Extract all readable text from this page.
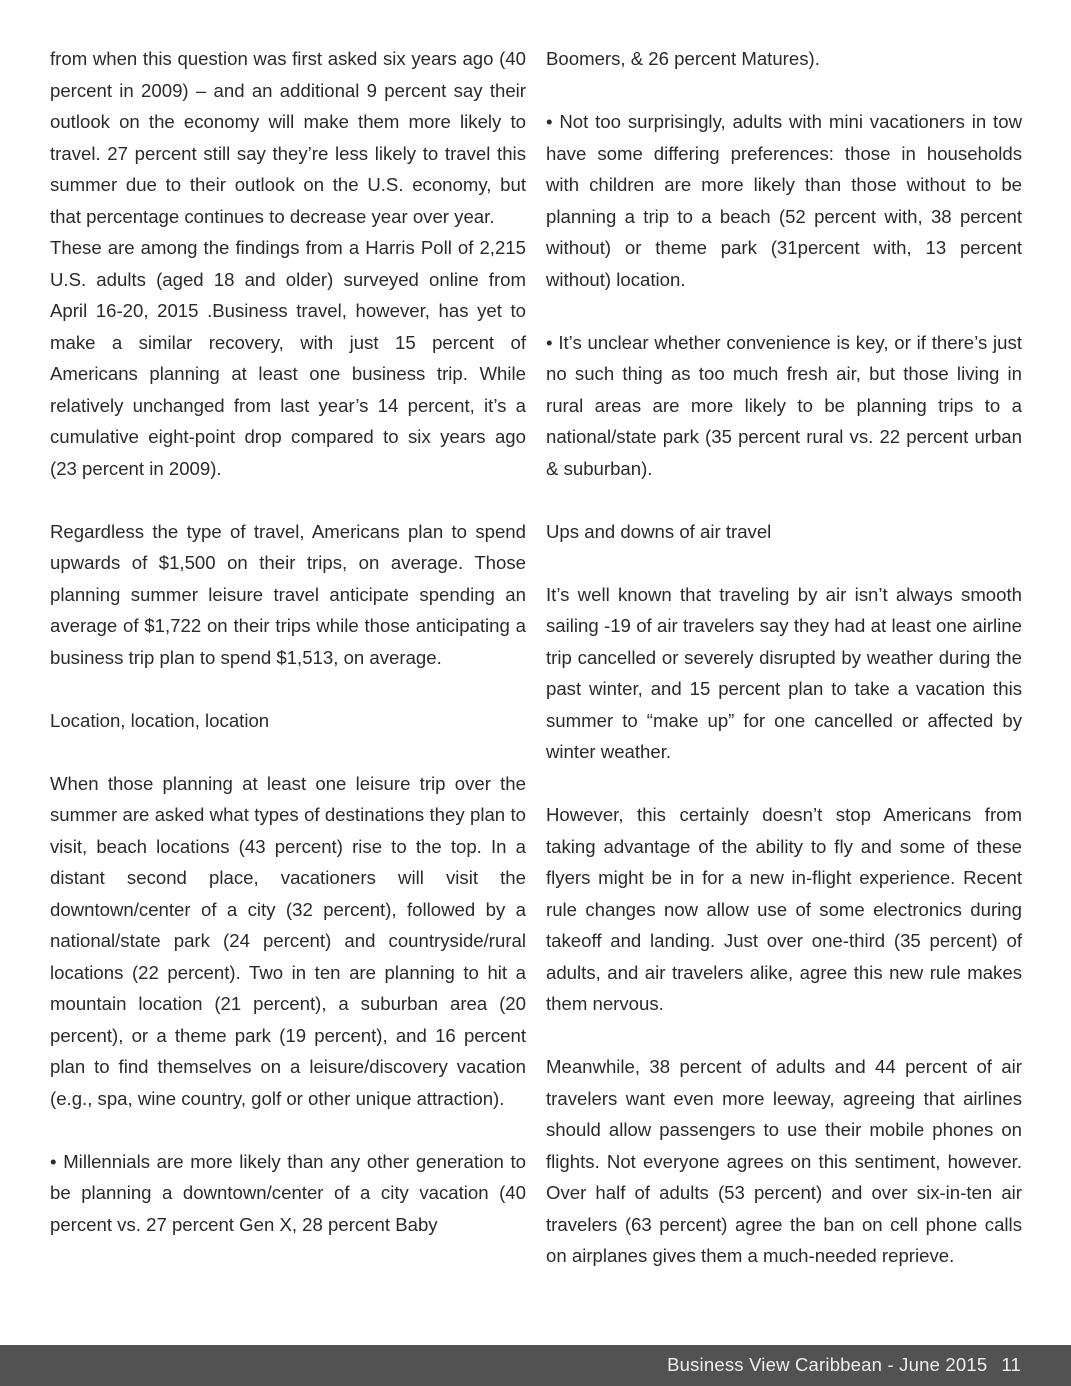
from when this question was first asked six years ago (40 percent in 2009) – and an additional 9 percent say their outlook on the economy will make them more likely to travel. 27 percent still say they’re less likely to travel this summer due to their outlook on the U.S. economy, but that percentage continues to decrease year over year.

These are among the findings from a Harris Poll of 2,215 U.S. adults (aged 18 and older) surveyed online from April 16-20, 2015 .Business travel, however, has yet to make a similar recovery, with just 15 percent of Americans planning at least one business trip. While relatively unchanged from last year’s 14 percent, it’s a cumulative eight-point drop compared to six years ago (23 percent in 2009).

Regardless the type of travel, Americans plan to spend upwards of $1,500 on their trips, on average. Those planning summer leisure travel anticipate spending an average of $1,722 on their trips while those anticipating a business trip plan to spend $1,513, on average.

Location, location, location

When those planning at least one leisure trip over the summer are asked what types of destinations they plan to visit, beach locations (43 percent) rise to the top. In a distant second place, vacationers will visit the downtown/center of a city (32 percent), followed by a national/state park (24 percent) and countryside/rural locations (22 percent). Two in ten are planning to hit a mountain location (21 percent), a suburban area (20 percent), or a theme park (19 percent), and 16 percent plan to find themselves on a leisure/discovery vacation (e.g., spa, wine country, golf or other unique attraction).

• Millennials are more likely than any other generation to be planning a downtown/center of a city vacation (40 percent vs. 27 percent Gen X, 28 percent Baby

Boomers, & 26 percent Matures).

• Not too surprisingly, adults with mini vacationers in tow have some differing preferences: those in households with children are more likely than those without to be planning a trip to a beach (52 percent with, 38 percent without) or theme park (31percent with, 13 percent without) location.

• It’s unclear whether convenience is key, or if there’s just no such thing as too much fresh air, but those living in rural areas are more likely to be planning trips to a national/state park (35 percent rural vs. 22 percent urban & suburban).

Ups and downs of air travel

It’s well known that traveling by air isn’t always smooth sailing -19 of air travelers say they had at least one airline trip cancelled or severely disrupted by weather during the past winter, and 15 percent plan to take a vacation this summer to “make up” for one cancelled or affected by winter weather.

However, this certainly doesn’t stop Americans from taking advantage of the ability to fly and some of these flyers might be in for a new in-flight experience. Recent rule changes now allow use of some electronics during takeoff and landing. Just over one-third (35 percent) of adults, and air travelers alike, agree this new rule makes them nervous.

Meanwhile, 38 percent of adults and 44 percent of air travelers want even more leeway, agreeing that airlines should allow passengers to use their mobile phones on flights. Not everyone agrees on this sentiment, however. Over half of adults (53 percent) and over six-in-ten air travelers (63 percent) agree the ban on cell phone calls on airplanes gives them a much-needed reprieve.

Business View Caribbean - June 2015 11
